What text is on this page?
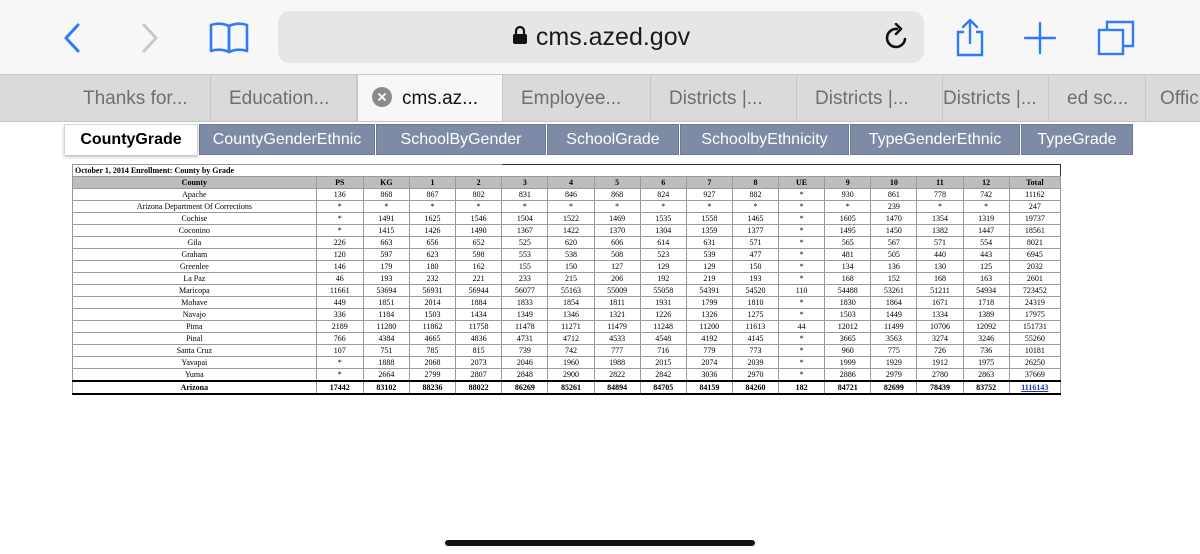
cms.azed.gov
Thanks for...	Education...	cms.az...	Employee...	Districts |...	Districts |...	Districts |...	ed sc...	Offic
CountyGrade	CountyGenderEthnic	SchoolByGender	SchoolGrade	SchoolbyEthnicity	TypeGenderEthnic	TypeGrade
October 1, 2014 Enrollment: County by Grade																
County	PS	KG	1	2	3	4	5	6	7	8	UE	9	10	11	12	Total
Apache	136	868	867	802	831	846	868	824	927	882	*	930	861	778	742	11162
Arizona Department Of Corrections	*	*	*	*	*	*	*	*	*	*	*	*	239	*	*	247
Cochise	*	1491	1625	1546	1504	1522	1469	1535	1558	1465	*	1605	1470	1354	1319	19737
Coconino	*	1415	1426	1490	1367	1422	1370	1304	1359	1377	*	1495	1450	1382	1447	18561
Gila	226	663	656	652	525	620	606	614	631	571	*	565	567	571	554	8021
Graham	120	597	623	598	553	538	508	523	539	477	*	481	505	440	443	6945
Greenlee	146	179	180	162	155	150	127	129	129	150	*	134	136	130	125	2032
La Paz	46	193	232	221	233	215	206	192	219	193	*	168	152	168	163	2601
Maricopa	11661	53694	56931	56944	56077	55163	55009	55058	54391	54520	110	54488	53261	51211	54934	723452
Mohave	449	1851	2014	1884	1833	1854	1811	1931	1799	1810	*	1830	1864	1671	1718	24319
Navajo	336	1184	1503	1434	1349	1346	1321	1226	1326	1275	*	1503	1449	1334	1389	17975
Pima	2189	11280	11862	11758	11478	11271	11479	11248	11200	11613	44	12012	11499	10706	12092	151731
Pinal	766	4384	4665	4836	4731	4712	4533	4548	4192	4145	*	3665	3563	3274	3246	55260
Santa Cruz	107	751	785	815	739	742	777	716	779	773	*	960	775	726	736	10181
Yavapai	*	1888	2068	2073	2046	1960	1988	2015	2074	2039	*	1999	1929	1912	1975	26250
Yuma	*	2664	2799	2807	2848	2900	2822	2842	3036	2970	*	2886	2979	2780	2863	37669
Arizona	17442	83102	88236	88022	86269	85261	84894	84705	84159	84260	182	84721	82699	78439	83752	1116143
